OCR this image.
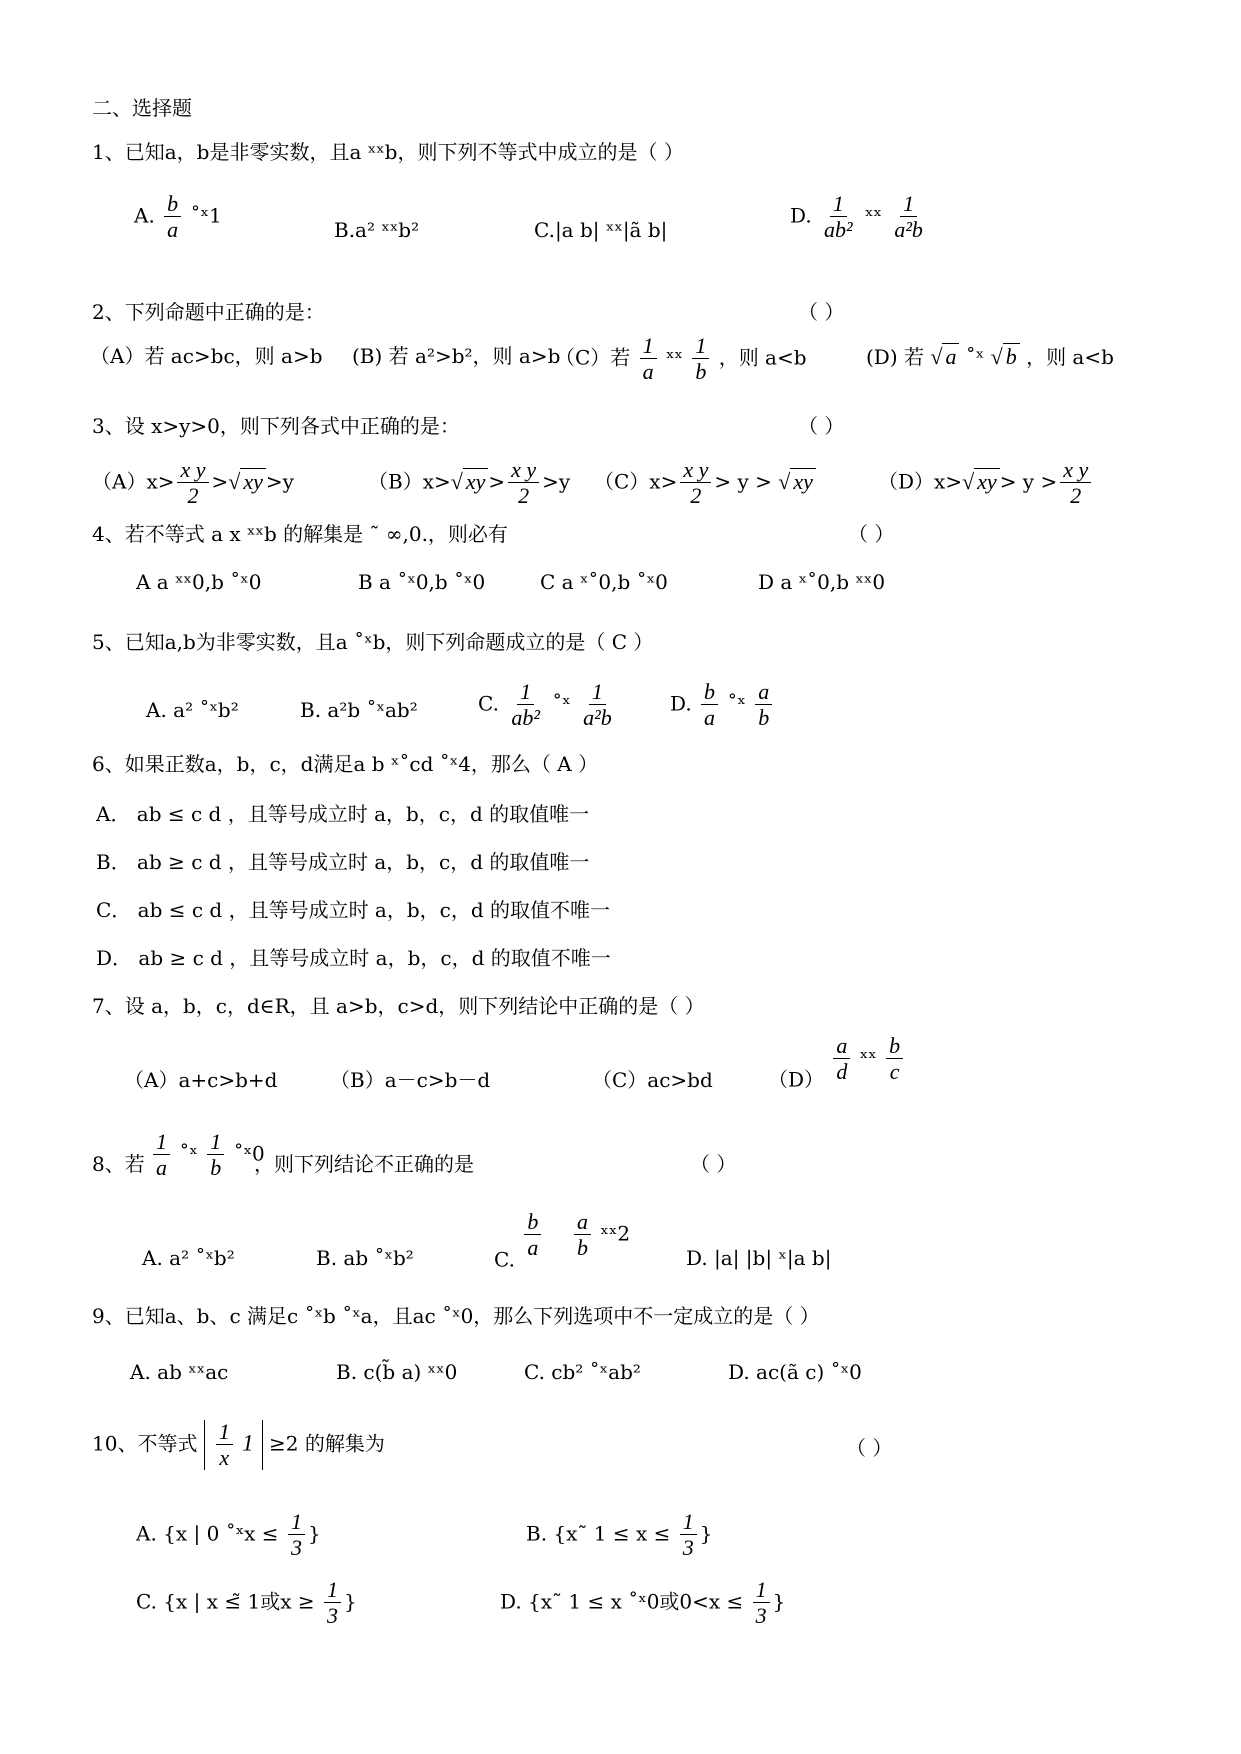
二、选择题
1、已知a，b是非零实数，且a ˣˣb，则下列不等式中成立的是（ ）
A. $\frac{b}{a}$ ˚ˣ1
B.a² ˣˣb²	C.|a b| ˣˣ|ã b|
D. $\frac{1}{\text{ab²}}$ ˣˣ $\frac{1}{\text{a²b}}$
2、下列命题中正确的是：	（ ）
（A）若 ac>bc，则 a>b (B) 若 a²>b²，则 a>b
（C）若 $\frac{1}{a}$ ˣˣ $\frac{1}{b}$ ，则 a<b	(D) 若 √ a ˚ˣ √ b ，则 a<b
3、设 x>y>0，则下列各式中正确的是：	（ ）
$(A)x> \frac{\text{x y}}{2}$ >√ xy >y	（B）x>√ xy > $\frac{\text{x y}}{2} >y$ $(C)x> \frac{\text{x y}}{2} > y$ > √ xy	（D）x>√ xy > $y > \frac{\text{x y}}{2}$
4、若不等式 a x ˣˣb 的解集是 ˜ ∞,0.，则必有	（ ）
A a ˣˣ0,b ˚ˣ0	B a ˚ˣ0,b ˚ˣ0	C a ˣ˚0,b ˚ˣ0	D a ˣ˚0,b ˣˣ0
5、已知a,b为非零实数，且a ˚ˣb，则下列命题成立的是（ C ）
A. a² ˚ˣb²	B. a²b ˚ˣab²	C. $\frac{1}{\text{ab²}}$ ˚ˣ $\frac{1}{\text{a²b}}$	D. $\frac{b}{a}$ ˚ˣ $\frac{a}{b}$
6、如果正数a，b，c，d满足a b ˣ˚cd ˚ˣ4，那么（ A ）
A． ab ≤ c d ，且等号成立时 a，b，c，d 的取值唯一
B． ab ≥ c d ，且等号成立时 a，b，c，d 的取值唯一
C． ab ≤ c d ，且等号成立时 a，b，c，d 的取值不唯一
D． ab ≥ c d ，且等号成立时 a，b，c，d 的取值不唯一
7、设 a，b，c，d∈R，且 a>b，c>d，则下列结论中正确的是（ ）
（A）a+c>b+d	（B）a－c>b－d	（C）ac>bd	$(D) \frac{a}{d}$ ˣˣ $\frac{b}{c}$
$\frac{1}{a}$ ˚ˣ $\frac{1}{b}$ ˚ˣ0
8、若	，则下列结论不正确的是	（ ）
A. a² ˚ˣb²	B. ab ˚ˣb²	C. $\frac{b}{a}$
$\frac{a}{b}$ ˣˣ2
D. |a| |b| ˣ|a b|
9、已知a、b、c 满足c ˚ˣb ˚ˣa，且ac ˚ˣ0，那么下列选项中不一定成立的是（ ）
A. ab ˣˣac	B. c(b̃ a) ˣˣ0	C. cb² ˚ˣab²	D. ac(ã c) ˚ˣ0
10、不等式 $\frac{1}{x} 1 \ge 2$ 的解集为	（ ）
A. {x | 0 ˚ˣx ≤ $\frac{1}{3}$ }	B. {x˜ $1 \le x \le \frac{1}{3}$ }
C. {x | x ≤̃ 1或$x \ge \frac{1}{3}$ }	D. {x˜ 1 ≤ x ˚ˣ0或$0<x \le \frac{1}{3}$ }
